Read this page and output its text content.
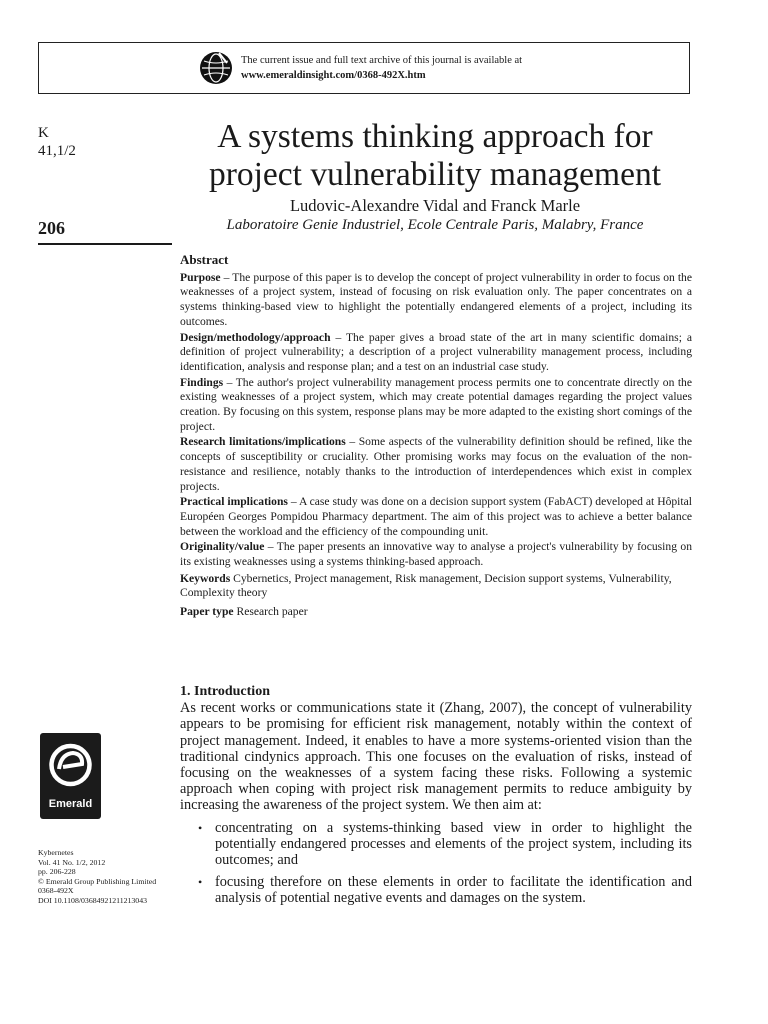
The current issue and full text archive of this journal is available at
www.emeraldinsight.com/0368-492X.htm
K
41,1/2
206
A systems thinking approach for project vulnerability management
Ludovic-Alexandre Vidal and Franck Marle
Laboratoire Genie Industriel, Ecole Centrale Paris, Malabry, France
Abstract

Purpose – The purpose of this paper is to develop the concept of project vulnerability in order to focus on the weaknesses of a project system, instead of focusing on risk evaluation only. The paper concentrates on a systems thinking-based view to highlight the potentially endangered elements of a project, including its outcomes.

Design/methodology/approach – The paper gives a broad state of the art in many scientific domains; a definition of project vulnerability; a description of a project vulnerability management process, including identification, analysis and response plan; and a test on an industrial case study.

Findings – The author's project vulnerability management process permits one to concentrate directly on the existing weaknesses of a project system, which may create potential damages regarding the project values creation. By focusing on this system, response plans may be more adapted to the existing short comings of the project.

Research limitations/implications – Some aspects of the vulnerability definition should be refined, like the concepts of susceptibility or cruciality. Other promising works may focus on the evaluation of the non-resistance and resilience, notably thanks to the introduction of interdependences which exist in complex projects.

Practical implications – A case study was done on a decision support system (FabACT) developed at Hôpital Européen Georges Pompidou Pharmacy department. The aim of this project was to achieve a better balance between the workload and the efficiency of the compounding unit.

Originality/value – The paper presents an innovative way to analyse a project's vulnerability by focusing on its existing weaknesses using a systems thinking-based approach.

Keywords Cybernetics, Project management, Risk management, Decision support systems, Vulnerability, Complexity theory

Paper type Research paper

1. Introduction

As recent works or communications state it (Zhang, 2007), the concept of vulnerability appears to be promising for efficient risk management, notably within the context of project management. Indeed, it enables to have a more systems-oriented vision than the traditional cindynics approach. This one focuses on the evaluation of risks, instead of focusing on the weaknesses of a system facing these risks. Following a systemic approach when coping with project risk management permits to reduce ambiguity by increasing the awareness of the project system. We then aim at:

• concentrating on a systems-thinking based view in order to highlight the potentially endangered processes and elements of the project system, including its outcomes; and
• focusing therefore on these elements in order to facilitate the identification and analysis of potential negative events and damages on the system.
Emerald
Kybernetes
Vol. 41 No. 1/2, 2012
pp. 206-228
© Emerald Group Publishing Limited
0368-492X
DOI 10.1108/03684921211213043
